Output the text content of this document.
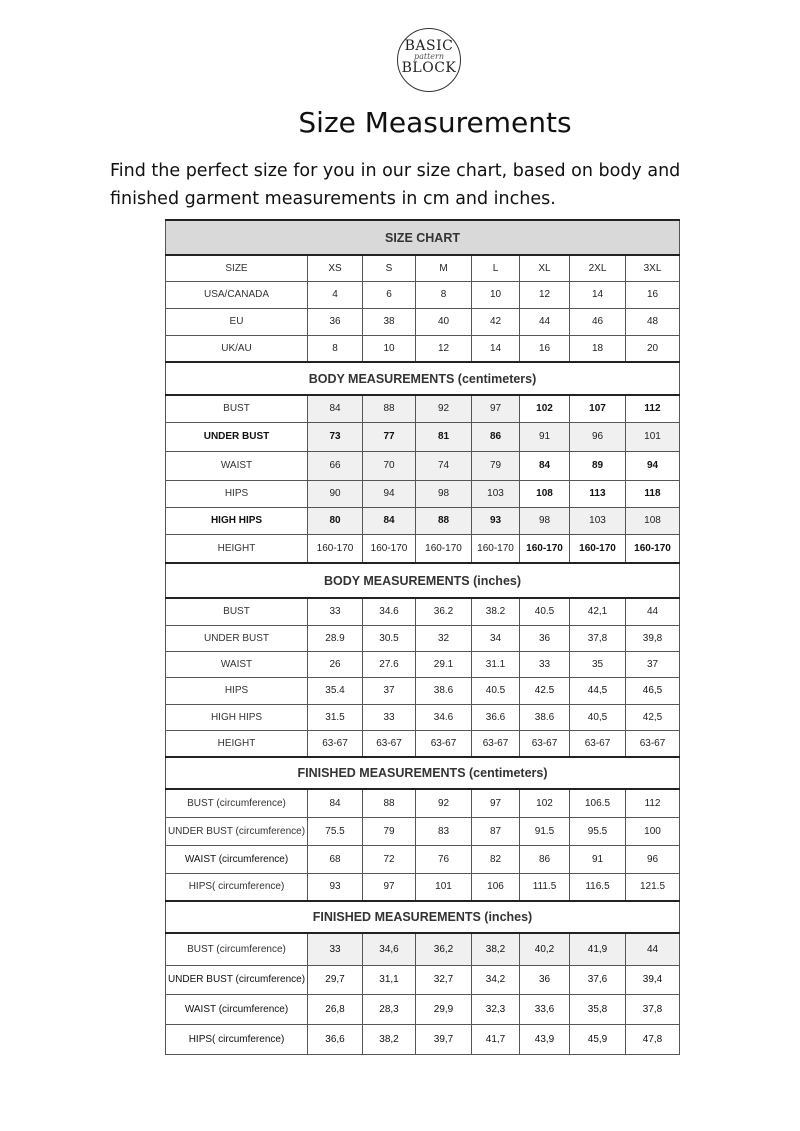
BASIC
pattern
BLOCK
Size Measurements

Find the perfect size for you in our size chart, based on body and finished garment measurements in cm and inches.

SIZE CHART							
SIZE	XS	S	M	L	XL	2XL	3XL
USA/CANADA	4	6	8	10	12	14	16
EU	36	38	40	42	44	46	48
UK/AU	8	10	12	14	16	18	20
BODY MEASUREMENTS (centimeters)							
BUST	84	88	92	97	102	107	112
UNDER BUST	73	77	81	86	91	96	101
WAIST	66	70	74	79	84	89	94
HIPS	90	94	98	103	108	113	118
HIGH HIPS	80	84	88	93	98	103	108
HEIGHT	160-170	160-170	160-170	160-170	160-170	160-170	160-170
BODY MEASUREMENTS (inches)							
BUST	33	34.6	36.2	38.2	40.5	42,1	44
UNDER BUST	28.9	30.5	32	34	36	37,8	39,8
WAIST	26	27.6	29.1	31.1	33	35	37
HIPS	35.4	37	38.6	40.5	42.5	44,5	46,5
HIGH HIPS	31.5	33	34.6	36.6	38.6	40,5	42,5
HEIGHT	63-67	63-67	63-67	63-67	63-67	63-67	63-67
FINISHED MEASUREMENTS (centimeters)							
BUST (circumference)	84	88	92	97	102	106.5	112
UNDER BUST (circumference)	75.5	79	83	87	91.5	95.5	100
WAIST (circumference)	68	72	76	82	86	91	96
HIPS( circumference)	93	97	101	106	111.5	116.5	121.5
FINISHED MEASUREMENTS (inches)							
BUST (circumference)	33	34,6	36,2	38,2	40,2	41,9	44
UNDER BUST (circumference)	29,7	31,1	32,7	34,2	36	37,6	39,4
WAIST (circumference)	26,8	28,3	29,9	32,3	33,6	35,8	37,8
HIPS( circumference)	36,6	38,2	39,7	41,7	43,9	45,9	47,8
